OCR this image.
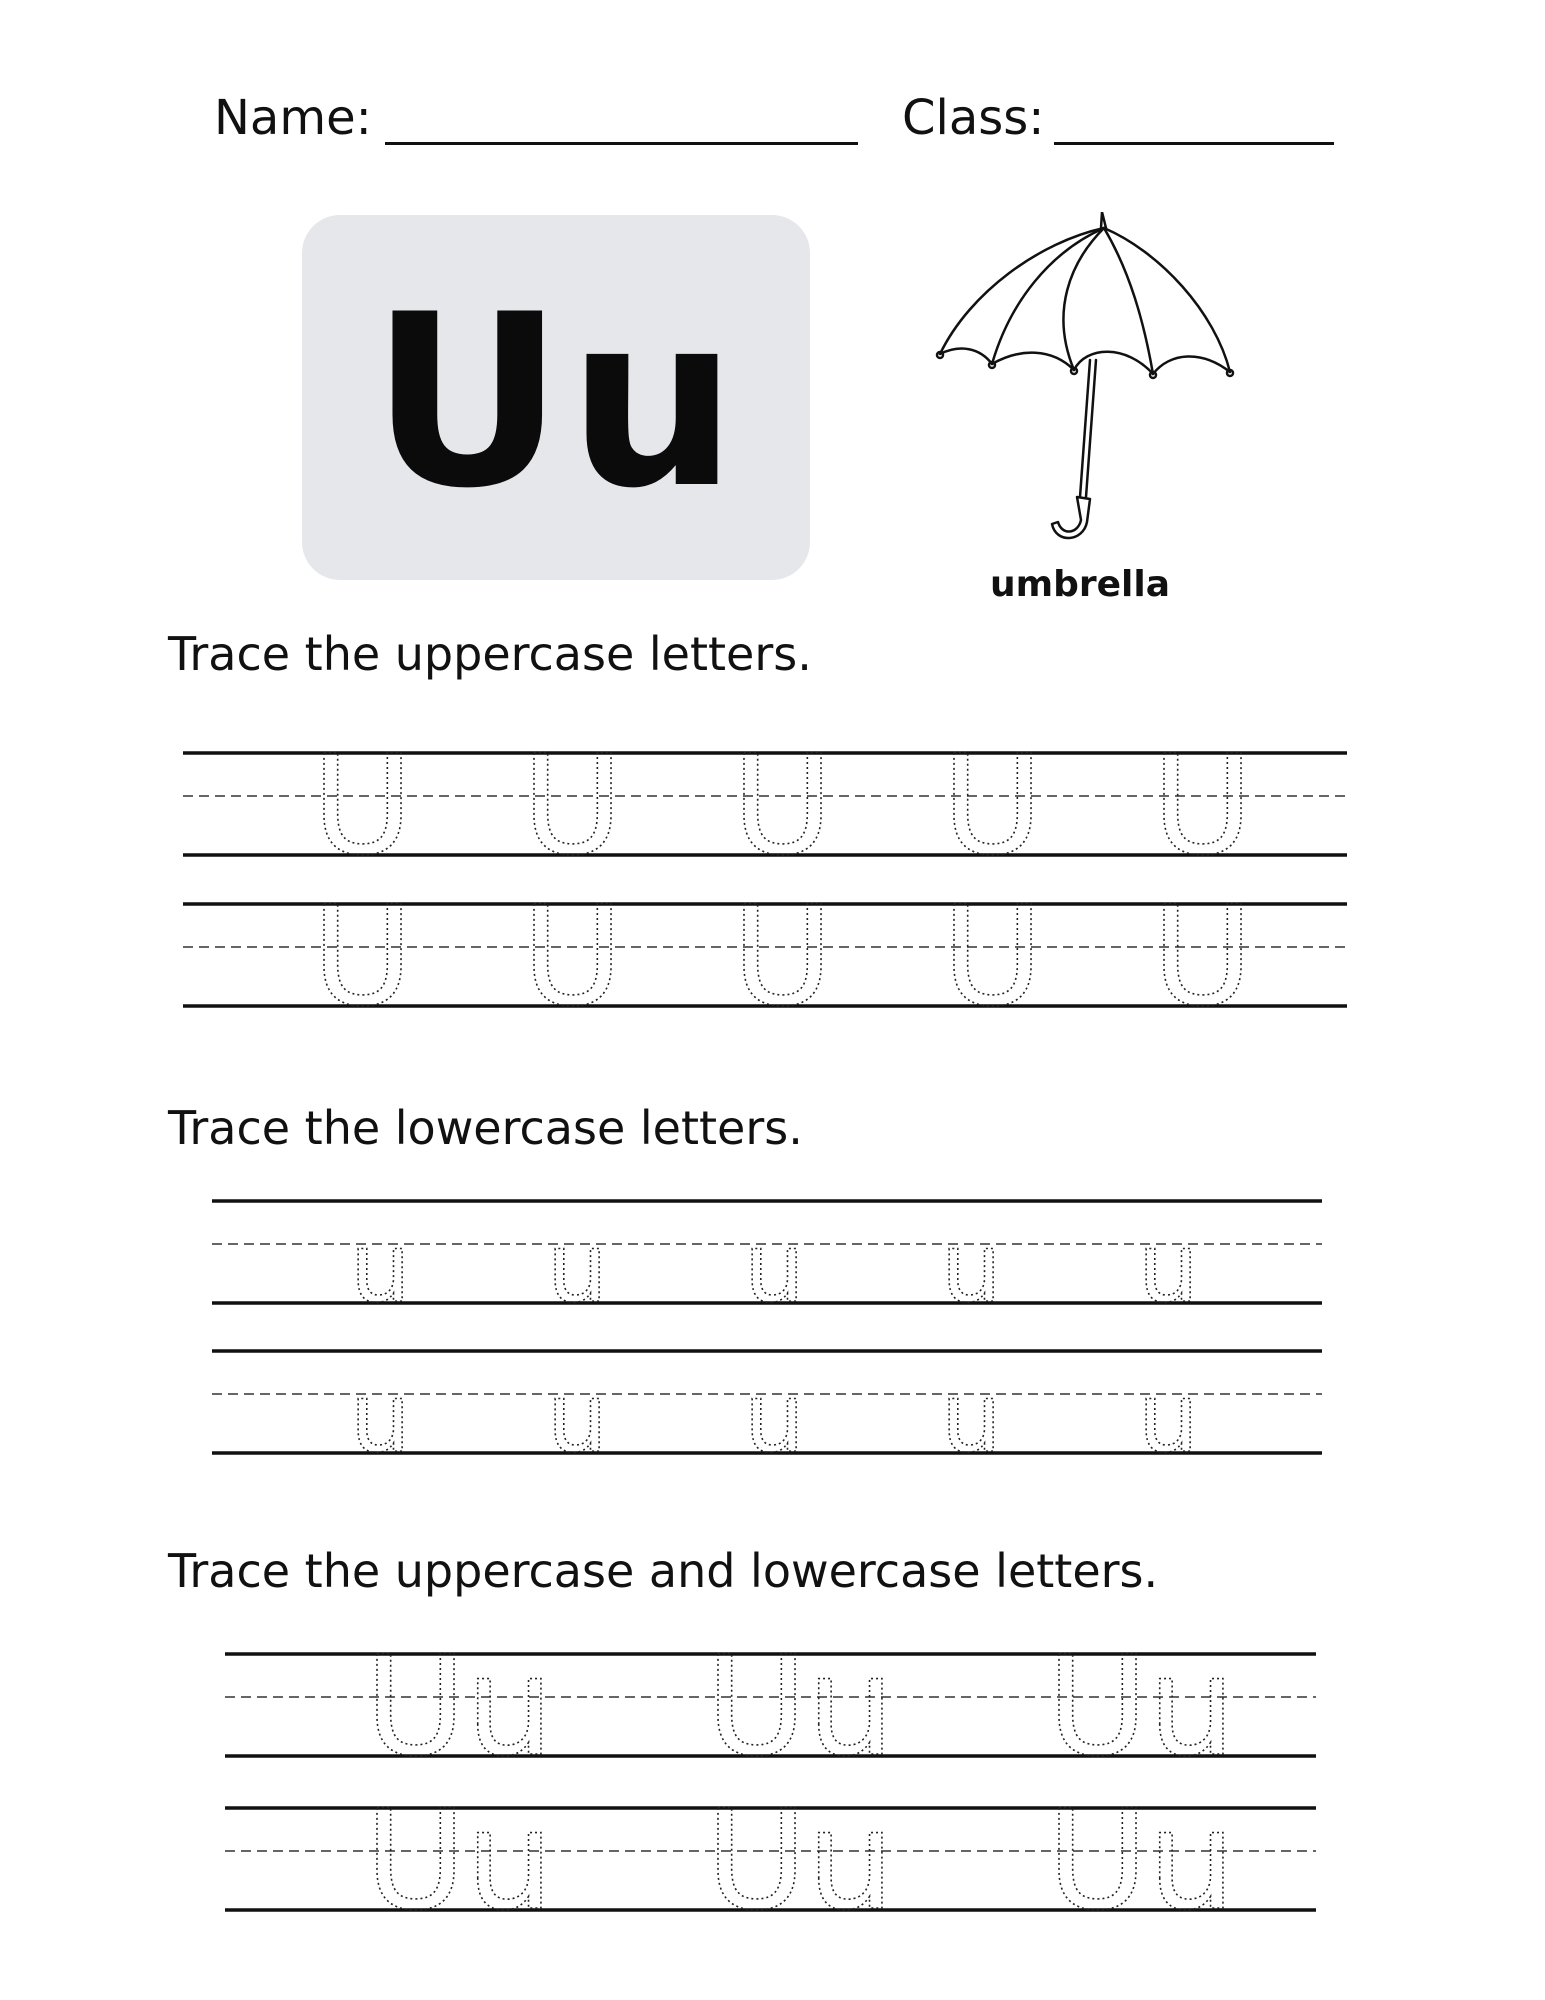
Name:	Class:
Uu
umbrella
Trace the uppercase letters.
Trace the lowercase letters.
Trace the uppercase and lowercase letters.
U U U U U
U U U U U
u u u u u
u u u u u
Uu Uu Uu
Uu Uu Uu
